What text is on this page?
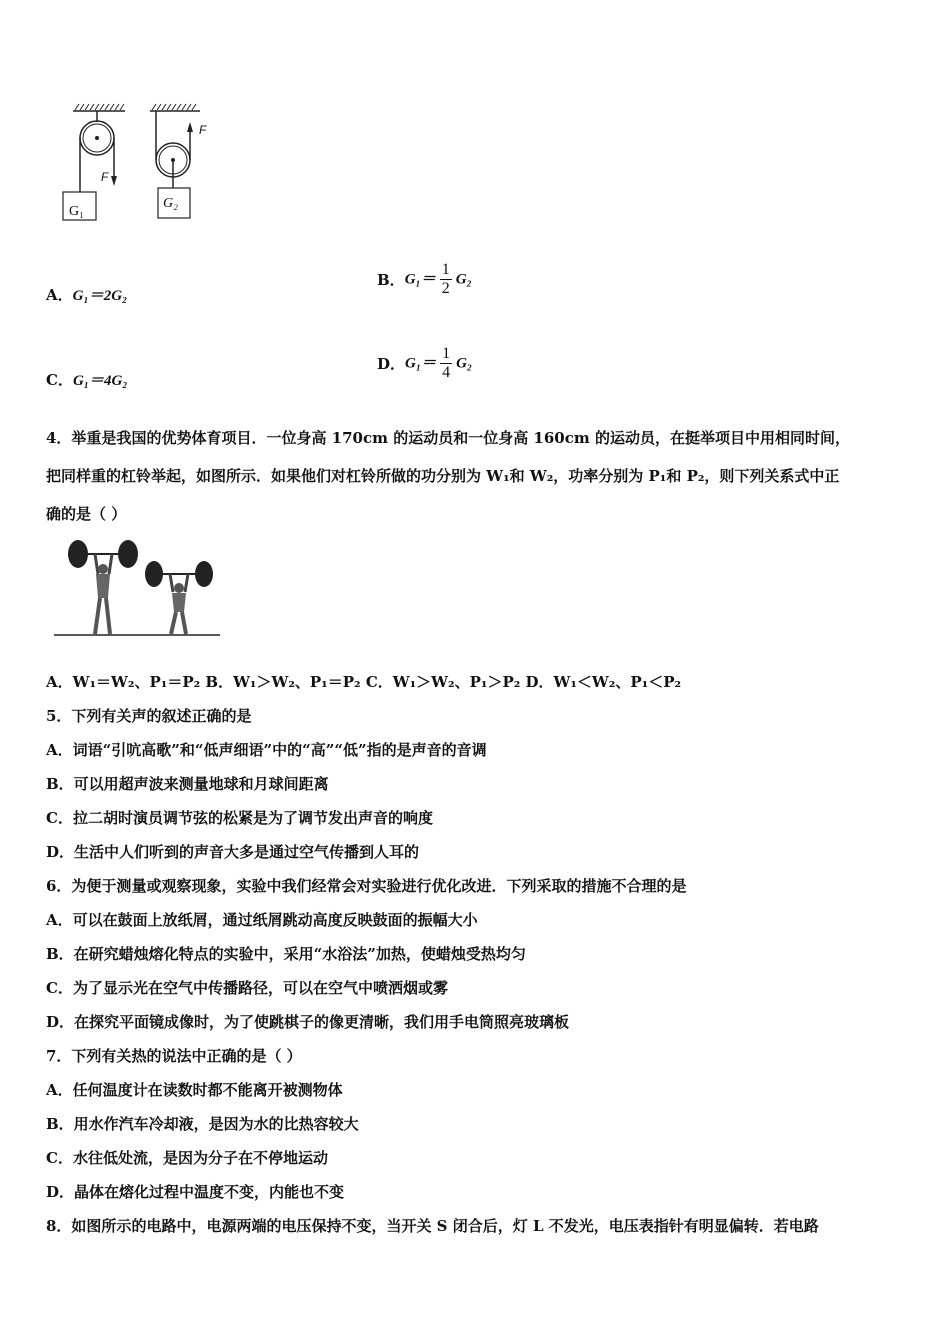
F
F
G₁
G₂
A．G₁＝2G₂
B．$G_1= \frac{1}{2} G_2$
C．G₁＝4G₂
D．$G_1= \frac{1}{4} G_2$
4．举重是我国的优势体育项目．一位身高 170cm 的运动员和一位身高 160cm 的运动员，在挺举项目中用相同时间，
把同样重的杠铃举起，如图所示．如果他们对杠铃所做的功分别为 W₁和 W₂，功率分别为 P₁和 P₂，则下列关系式中正
确的是（ ）
A．W₁＝W₂、P₁＝P₂ B．W₁＞W₂、P₁＝P₂ C．W₁＞W₂、P₁＞P₂ D．W₁＜W₂、P₁＜P₂
5．下列有关声的叙述正确的是
A．词语“引吭高歌”和“低声细语”中的“高”“低”指的是声音的音调
B．可以用超声波来测量地球和月球间距离
C．拉二胡时演员调节弦的松紧是为了调节发出声音的响度
D．生活中人们听到的声音大多是通过空气传播到人耳的
6．为便于测量或观察现象，实验中我们经常会对实验进行优化改进．下列采取的措施不合理的是
A．可以在鼓面上放纸屑，通过纸屑跳动高度反映鼓面的振幅大小
B．在研究蜡烛熔化特点的实验中，采用“水浴法”加热，使蜡烛受热均匀
C．为了显示光在空气中传播路径，可以在空气中喷洒烟或雾
D．在探究平面镜成像时，为了使跳棋子的像更清晰，我们用手电筒照亮玻璃板
7．下列有关热的说法中正确的是（ ）
A．任何温度计在读数时都不能离开被测物体
B．用水作汽车冷却液，是因为水的比热容较大
C．水往低处流，是因为分子在不停地运动
D．晶体在熔化过程中温度不变，内能也不变
8．如图所示的电路中，电源两端的电压保持不变，当开关 S 闭合后，灯 L 不发光，电压表指针有明显偏转．若电路
